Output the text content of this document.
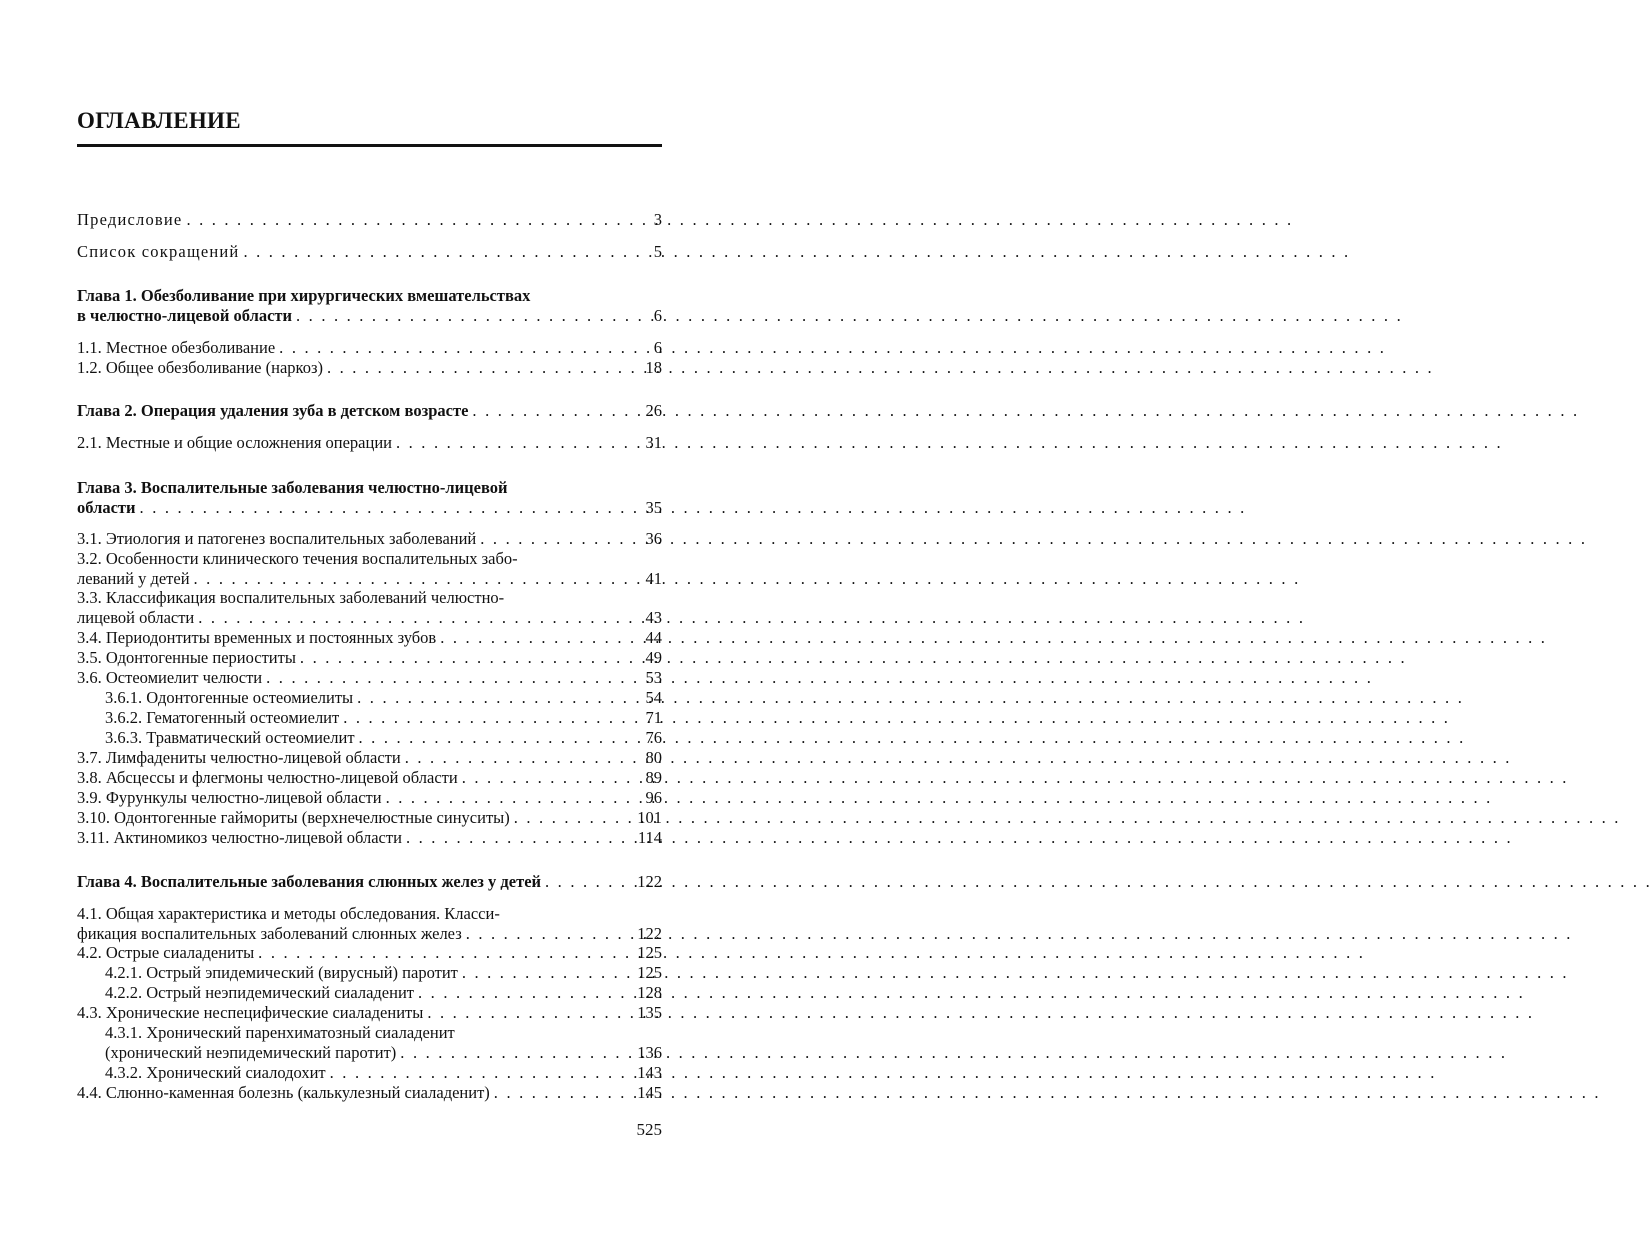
ОГЛАВЛЕНИЕ
Предисловие . . .	3
Список сокращений . . .	5
Глава 1. Обезболивание при хирургических вмешательствах
в челюстно-лицевой области . . .	6
1.1. Местное обезболивание . . .	6
1.2. Общее обезболивание (наркоз) . . .	18
Глава 2. Операция удаления зуба в детском возрасте . . .	26
2.1. Местные и общие осложнения операции . . .	31
Глава 3. Воспалительные заболевания челюстно-лицевой
области . . .	35
3.1. Этиология и патогенез воспалительных заболеваний . . .	36
3.2. Особенности клинического течения воспалительных забо-
леваний у детей . . .	41
3.3. Классификация воспалительных заболеваний челюстно-
лицевой области . . .	43
3.4. Периодонтиты временных и постоянных зубов . . .	44
3.5. Одонтогенные периоститы . . .	49
3.6. Остеомиелит челюсти . . .	53
3.6.1. Одонтогенные остеомиелиты . . .	54
3.6.2. Гематогенный остеомиелит . . .	71
3.6.3. Травматический остеомиелит . . .	76
3.7. Лимфадениты челюстно-лицевой области . . .	80
3.8. Абсцессы и флегмоны челюстно-лицевой области . . .	89
3.9. Фурункулы челюстно-лицевой области . . .	96
3.10. Одонтогенные гаймориты (верхнечелюстные синуситы) . . .	101
3.11. Актиномикоз челюстно-лицевой области . . .	114
Глава 4. Воспалительные заболевания слюнных желез у детей . . .	122
4.1. Общая характеристика и методы обследования. Класси-
фикация воспалительных заболеваний слюнных желез . . .	122
4.2. Острые сиаладениты . . .	125
4.2.1. Острый эпидемический (вирусный) паротит . . .	125
4.2.2. Острый неэпидемический сиаладенит . . .	128
4.3. Хронические неспецифические сиаладениты . . .	135
4.3.1. Хронический паренхиматозный сиаладенит
(хронический неэпидемический паротит) . . .	136
4.3.2. Хронический сиалодохит . . .	143
4.4. Слюнно-каменная болезнь (калькулезный сиаладенит) . . .	145
525
